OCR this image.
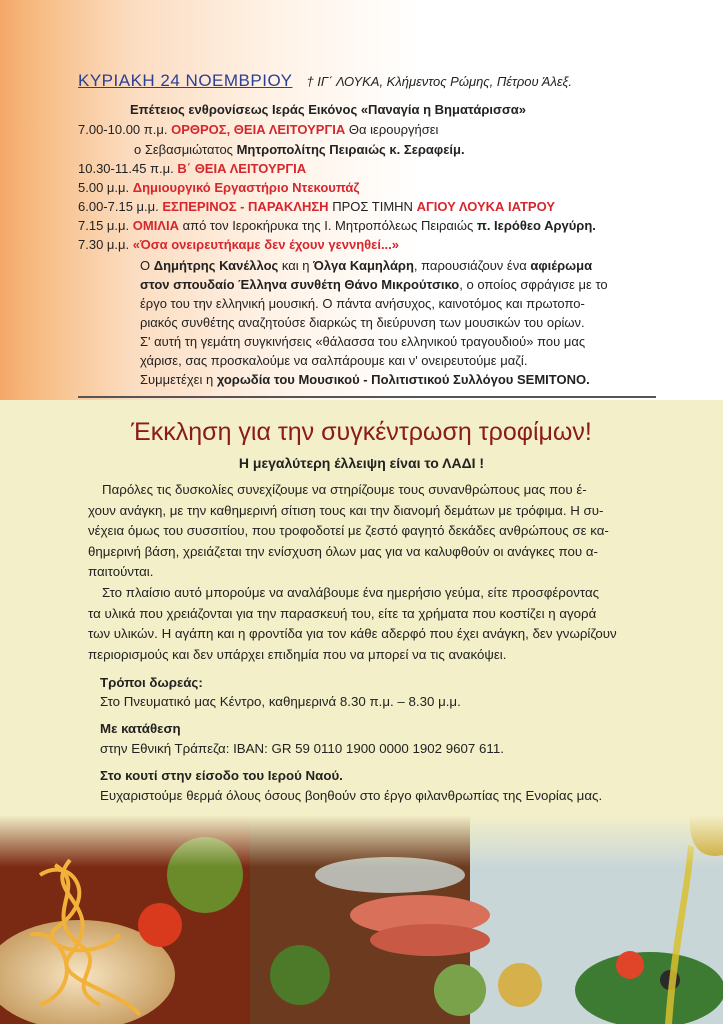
ΚΥΡΙΑΚΗ 24 ΝΟΕΜΒΡΙΟΥ † ΙΓ΄ ΛΟΥΚΑ, Κλήμεντος Ρώμης, Πέτρου Άλεξ.
Επέτειος ενθρονίσεως Ιεράς Εικόνος «Παναγία η Βηματάρισσα»
7.00-10.00 π.μ. ΟΡΘΡΟΣ, ΘΕΙΑ ΛΕΙΤΟΥΡΓΙΑ Θα ιερουργήσει
ο Σεβασμιώτατος Μητροπολίτης Πειραιώς κ. Σεραφείμ.
10.30-11.45 π.μ. Β΄ ΘΕΙΑ ΛΕΙΤΟΥΡΓΙΑ
5.00 μ.μ. Δημιουργικό Εργαστήριο Ντεκουπάζ
6.00-7.15 μ.μ. ΕΣΠΕΡΙΝΟΣ - ΠΑΡΑΚΛΗΣΗ ΠΡΟΣ ΤΙΜΗΝ ΑΓΙΟΥ ΛΟΥΚΑ ΙΑΤΡΟΥ
7.15 μ.μ. ΟΜΙΛΙΑ από τον Ιεροκήρυκα της Ι. Μητροπόλεως Πειραιώς π. Ιερόθεο Αργύρη.
7.30 μ.μ. «Όσα ονειρευτήκαμε δεν έχουν γεννηθεί...»
Ο Δημήτρης Κανέλλος και η Όλγα Καμηλάρη, παρουσιάζουν ένα αφιέρωμα
στον σπουδαίο Έλληνα συνθέτη Θάνο Μικρούτσικο, ο οποίος σφράγισε με το
έργο του την ελληνική μουσική. Ο πάντα ανήσυχος, καινοτόμος και πρωτοπο-
ριακός συνθέτης αναζητούσε διαρκώς τη διεύρυνση των μουσικών του ορίων.
Σ' αυτή τη γεμάτη συγκινήσεις «θάλασσα του ελληνικού τραγουδιού» που μας
χάρισε, σας προσκαλούμε να σαλπάρουμε και ν' ονειρευτούμε μαζί.
Συμμετέχει η χορωδία του Μουσικού - Πολιτιστικού Συλλόγου SEMITONO.
Έκκληση για την συγκέντρωση τροφίμων!
Η μεγαλύτερη έλλειψη είναι το ΛΑΔΙ !
Παρόλες τις δυσκολίες συνεχίζουμε να στηρίζουμε τους συνανθρώπους μας που έ-
χουν ανάγκη, με την καθημερινή σίτιση τους και την διανομή δεμάτων με τρόφιμα. Η συ-
νέχεια όμως του συσσιτίου, που τροφοδοτεί με ζεστό φαγητό δεκάδες ανθρώπους σε κα-
θημερινή βάση, χρειάζεται την ενίσχυση όλων μας για να καλυφθούν οι ανάγκες που α-
παιτούνται.
Στο πλαίσιο αυτό μπορούμε να αναλάβουμε ένα ημερήσιο γεύμα, είτε προσφέροντας
τα υλικά που χρειάζονται για την παρασκευή του, είτε τα χρήματα που κοστίζει η αγορά
των υλικών. Η αγάπη και η φροντίδα για τον κάθε αδερφό που έχει ανάγκη, δεν γνωρίζουν
περιορισμούς και δεν υπάρχει επιδημία που να μπορεί να τις ανακόψει.
Τρόποι δωρεάς:
Στο Πνευματικό μας Κέντρο, καθημερινά 8.30 π.μ. – 8.30 μ.μ.
Με κατάθεση
στην Εθνική Τράπεζα: IBAN: GR 59 0110 1900 0000 1902 9607 611.
Στο κουτί στην είσοδο του Ιερού Ναού.
Ευχαριστούμε θερμά όλους όσους βοηθούν στο έργο φιλανθρωπίας της Ενορίας μας.
